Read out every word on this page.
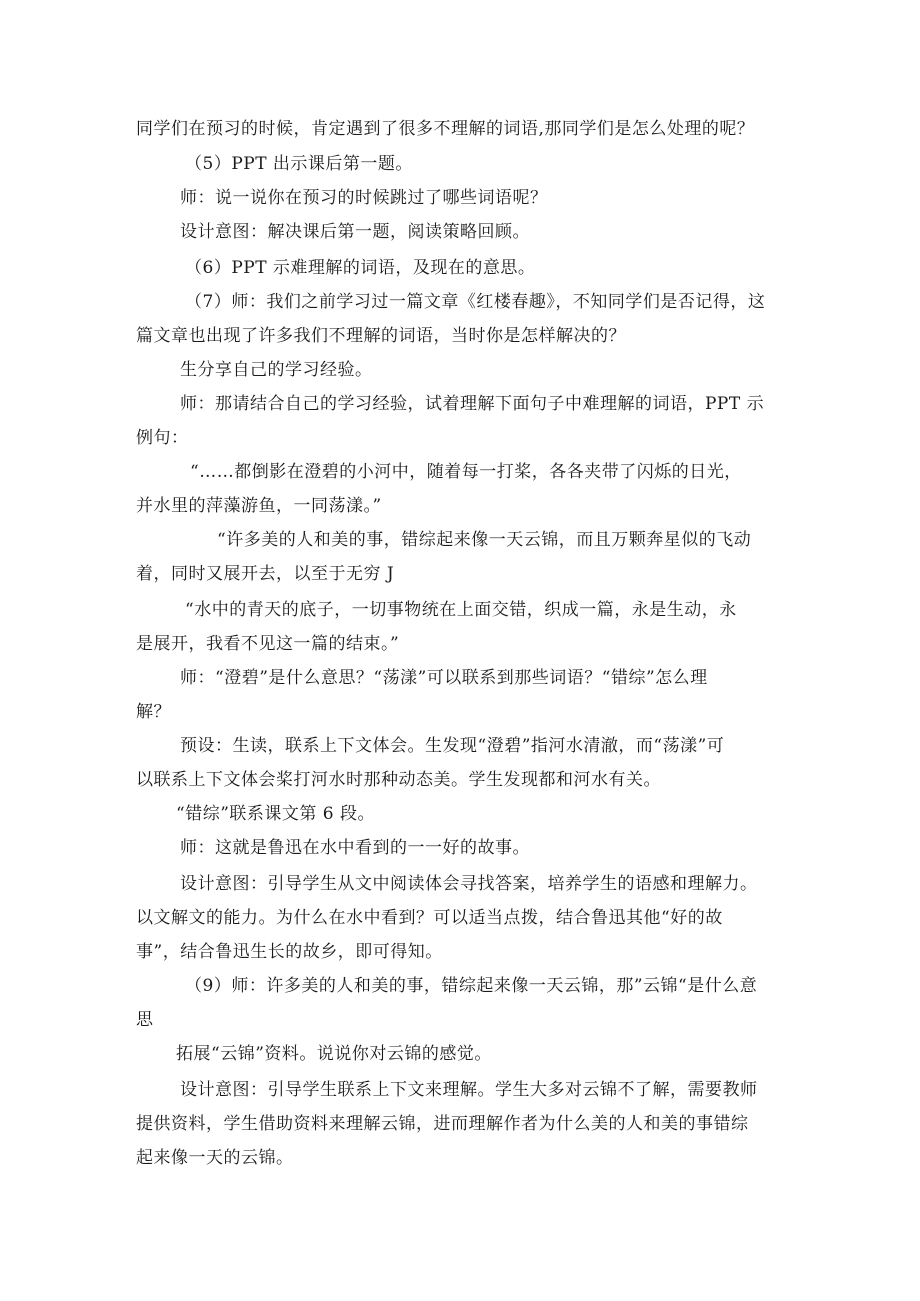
同学们在预习的时候，肯定遇到了很多不理解的词语,那同学们是怎么处理的呢？
（5）PPT 出示课后第一题。
师：说一说你在预习的时候跳过了哪些词语呢？
设计意图：解决课后第一题，阅读策略回顾。
（6）PPT 示难理解的词语，及现在的意思。
（7）师：我们之前学习过一篇文章《红楼春趣》，不知同学们是否记得，这
篇文章也出现了许多我们不理解的词语，当时你是怎样解决的？
生分享自己的学习经验。
师：那请结合自己的学习经验，试着理解下面句子中难理解的词语，PPT 示
例句：
“……都倒影在澄碧的小河中，随着每一打桨，各各夹带了闪烁的日光，
并水里的萍藻游鱼，一同荡漾。”
“许多美的人和美的事，错综起来像一天云锦，而且万颗奔星似的飞动
着，同时又展开去，以至于无穷 J
“水中的青天的底子，一切事物统在上面交错，织成一篇，永是生动，永
是展开，我看不见这一篇的结束。”
师：“澄碧”是什么意思？“荡漾”可以联系到那些词语？“错综”怎么理
解？
预设：生读，联系上下文体会。生发现“澄碧”指河水清澈，而“荡漾”可
以联系上下文体会桨打河水时那种动态美。学生发现都和河水有关。
“错综”联系课文第 6 段。
师：这就是鲁迅在水中看到的一一好的故事。
设计意图：引导学生从文中阅读体会寻找答案，培养学生的语感和理解力。
以文解文的能力。为什么在水中看到？可以适当点拨，结合鲁迅其他“好的故
事”，结合鲁迅生长的故乡，即可得知。
（9）师：许多美的人和美的事，错综起来像一天云锦，那”云锦“是什么意
思
拓展“云锦”资料。说说你对云锦的感觉。
设计意图：引导学生联系上下文来理解。学生大多对云锦不了解，需要教师
提供资料，学生借助资料来理解云锦，进而理解作者为什么美的人和美的事错综
起来像一天的云锦。
